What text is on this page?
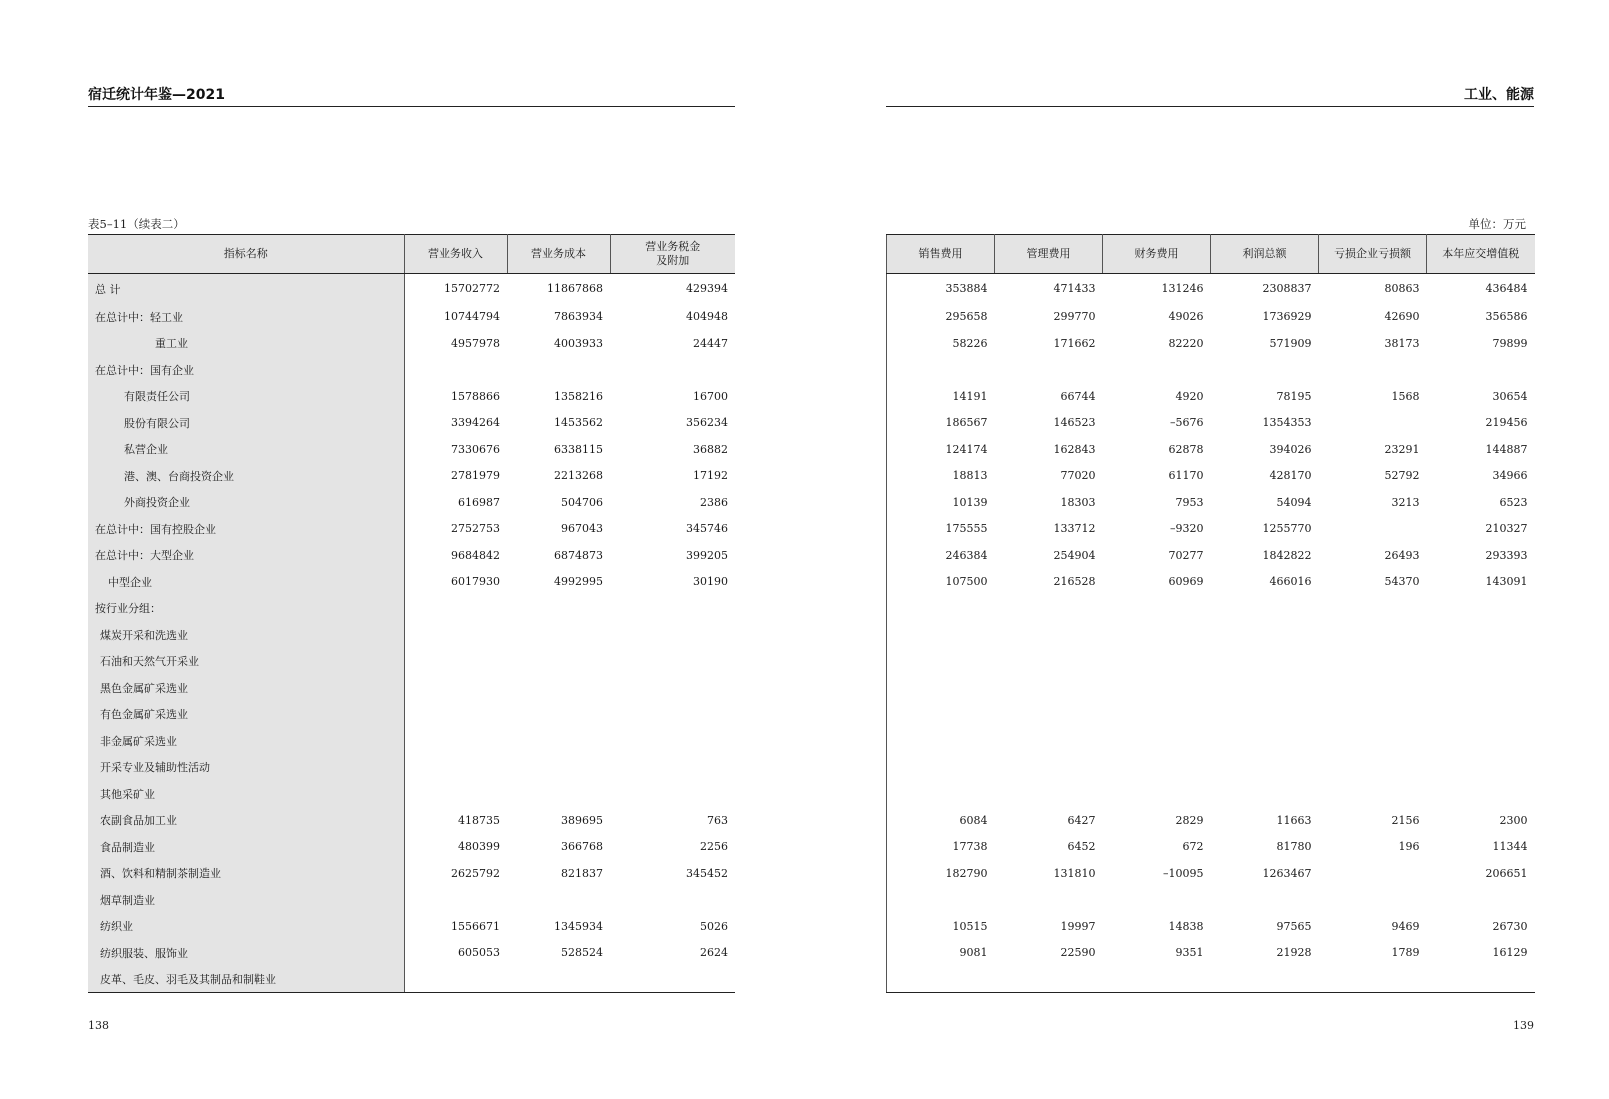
宿迁统计年鉴—2021
表5–11（续表二）
指标名称	营业务收入	营业务成本	营业务税金
及附加
总 计	15702772	11867868	429394
在总计中：轻工业	10744794	7863934	404948
重工业	4957978	4003933	24447
在总计中：国有企业			
有限责任公司	1578866	1358216	16700
股份有限公司	3394264	1453562	356234
私营企业	7330676	6338115	36882
港、澳、台商投资企业	2781979	2213268	17192
外商投资企业	616987	504706	2386
在总计中：国有控股企业	2752753	967043	345746
在总计中：大型企业	9684842	6874873	399205
中型企业	6017930	4992995	30190
按行业分组：			
煤炭开采和洗选业			
石油和天然气开采业			
黑色金属矿采选业			
有色金属矿采选业			
非金属矿采选业			
开采专业及辅助性活动			
其他采矿业			
农副食品加工业	418735	389695	763
食品制造业	480399	366768	2256
酒、饮料和精制茶制造业	2625792	821837	345452
烟草制造业			
纺织业	1556671	1345934	5026
纺织服装、服饰业	605053	528524	2624
皮革、毛皮、羽毛及其制品和制鞋业			
138
工业、能源
单位：万元
销售费用	管理费用	财务费用	利润总额	亏损企业亏损额	本年应交增值税
353884	471433	131246	2308837	80863	436484
295658	299770	49026	1736929	42690	356586
58226	171662	82220	571909	38173	79899

14191	66744	4920	78195	1568	30654
186567	146523	–5676	1354353		219456
124174	162843	62878	394026	23291	144887
18813	77020	61170	428170	52792	34966
10139	18303	7953	54094	3213	6523
175555	133712	–9320	1255770		210327
246384	254904	70277	1842822	26493	293393
107500	216528	60969	466016	54370	143091

6084	6427	2829	11663	2156	2300
17738	6452	672	81780	196	11344
182790	131810	–10095	1263467		206651

10515	19997	14838	97565	9469	26730
9081	22590	9351	21928	1789	16129

139
